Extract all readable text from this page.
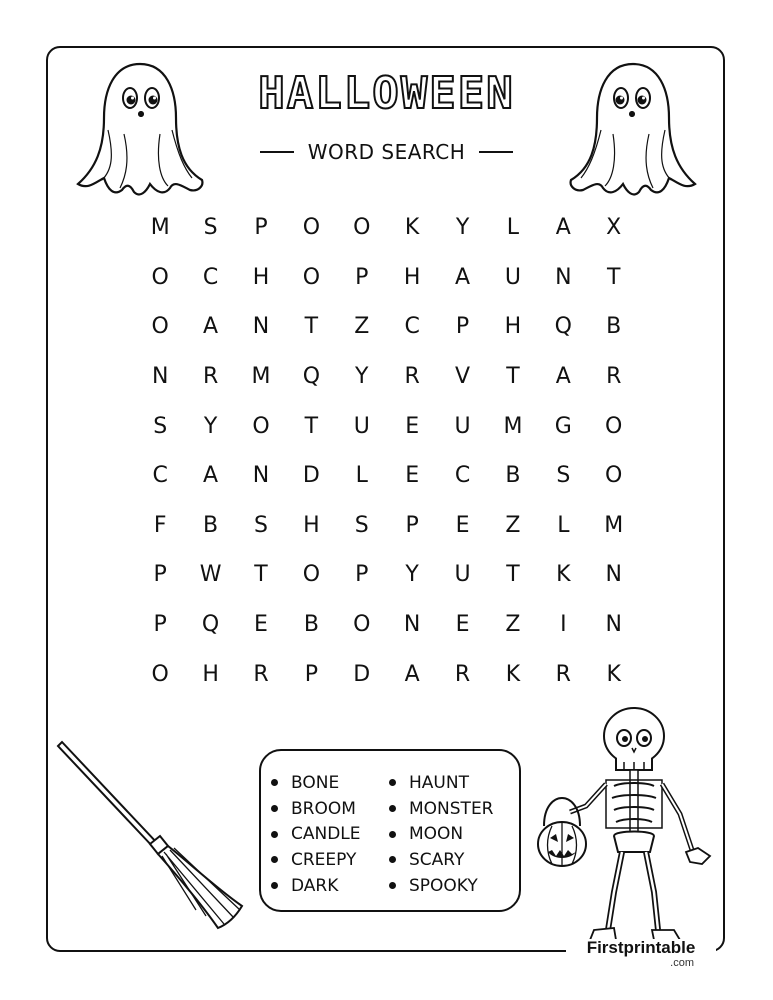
HALLOWEEN
WORD SEARCH
M	S	P	O	O	K	Y	L	A	X
O	C	H	O	P	H	A	U	N	T
O	A	N	T	Z	C	P	H	Q	B
N	R	M	Q	Y	R	V	T	A	R
S	Y	O	T	U	E	U	M	G	O
C	A	N	D	L	E	C	B	S	O
F	B	S	H	S	P	E	Z	L	M
P	W	T	O	P	Y	U	T	K	N
P	Q	E	B	O	N	E	Z	I	N
O	H	R	P	D	A	R	K	R	K
BONE
BROOM
CANDLE
CREEPY
DARK
HAUNT
MONSTER
MOON
SCARY
SPOOKY
Firstprintable
.com
